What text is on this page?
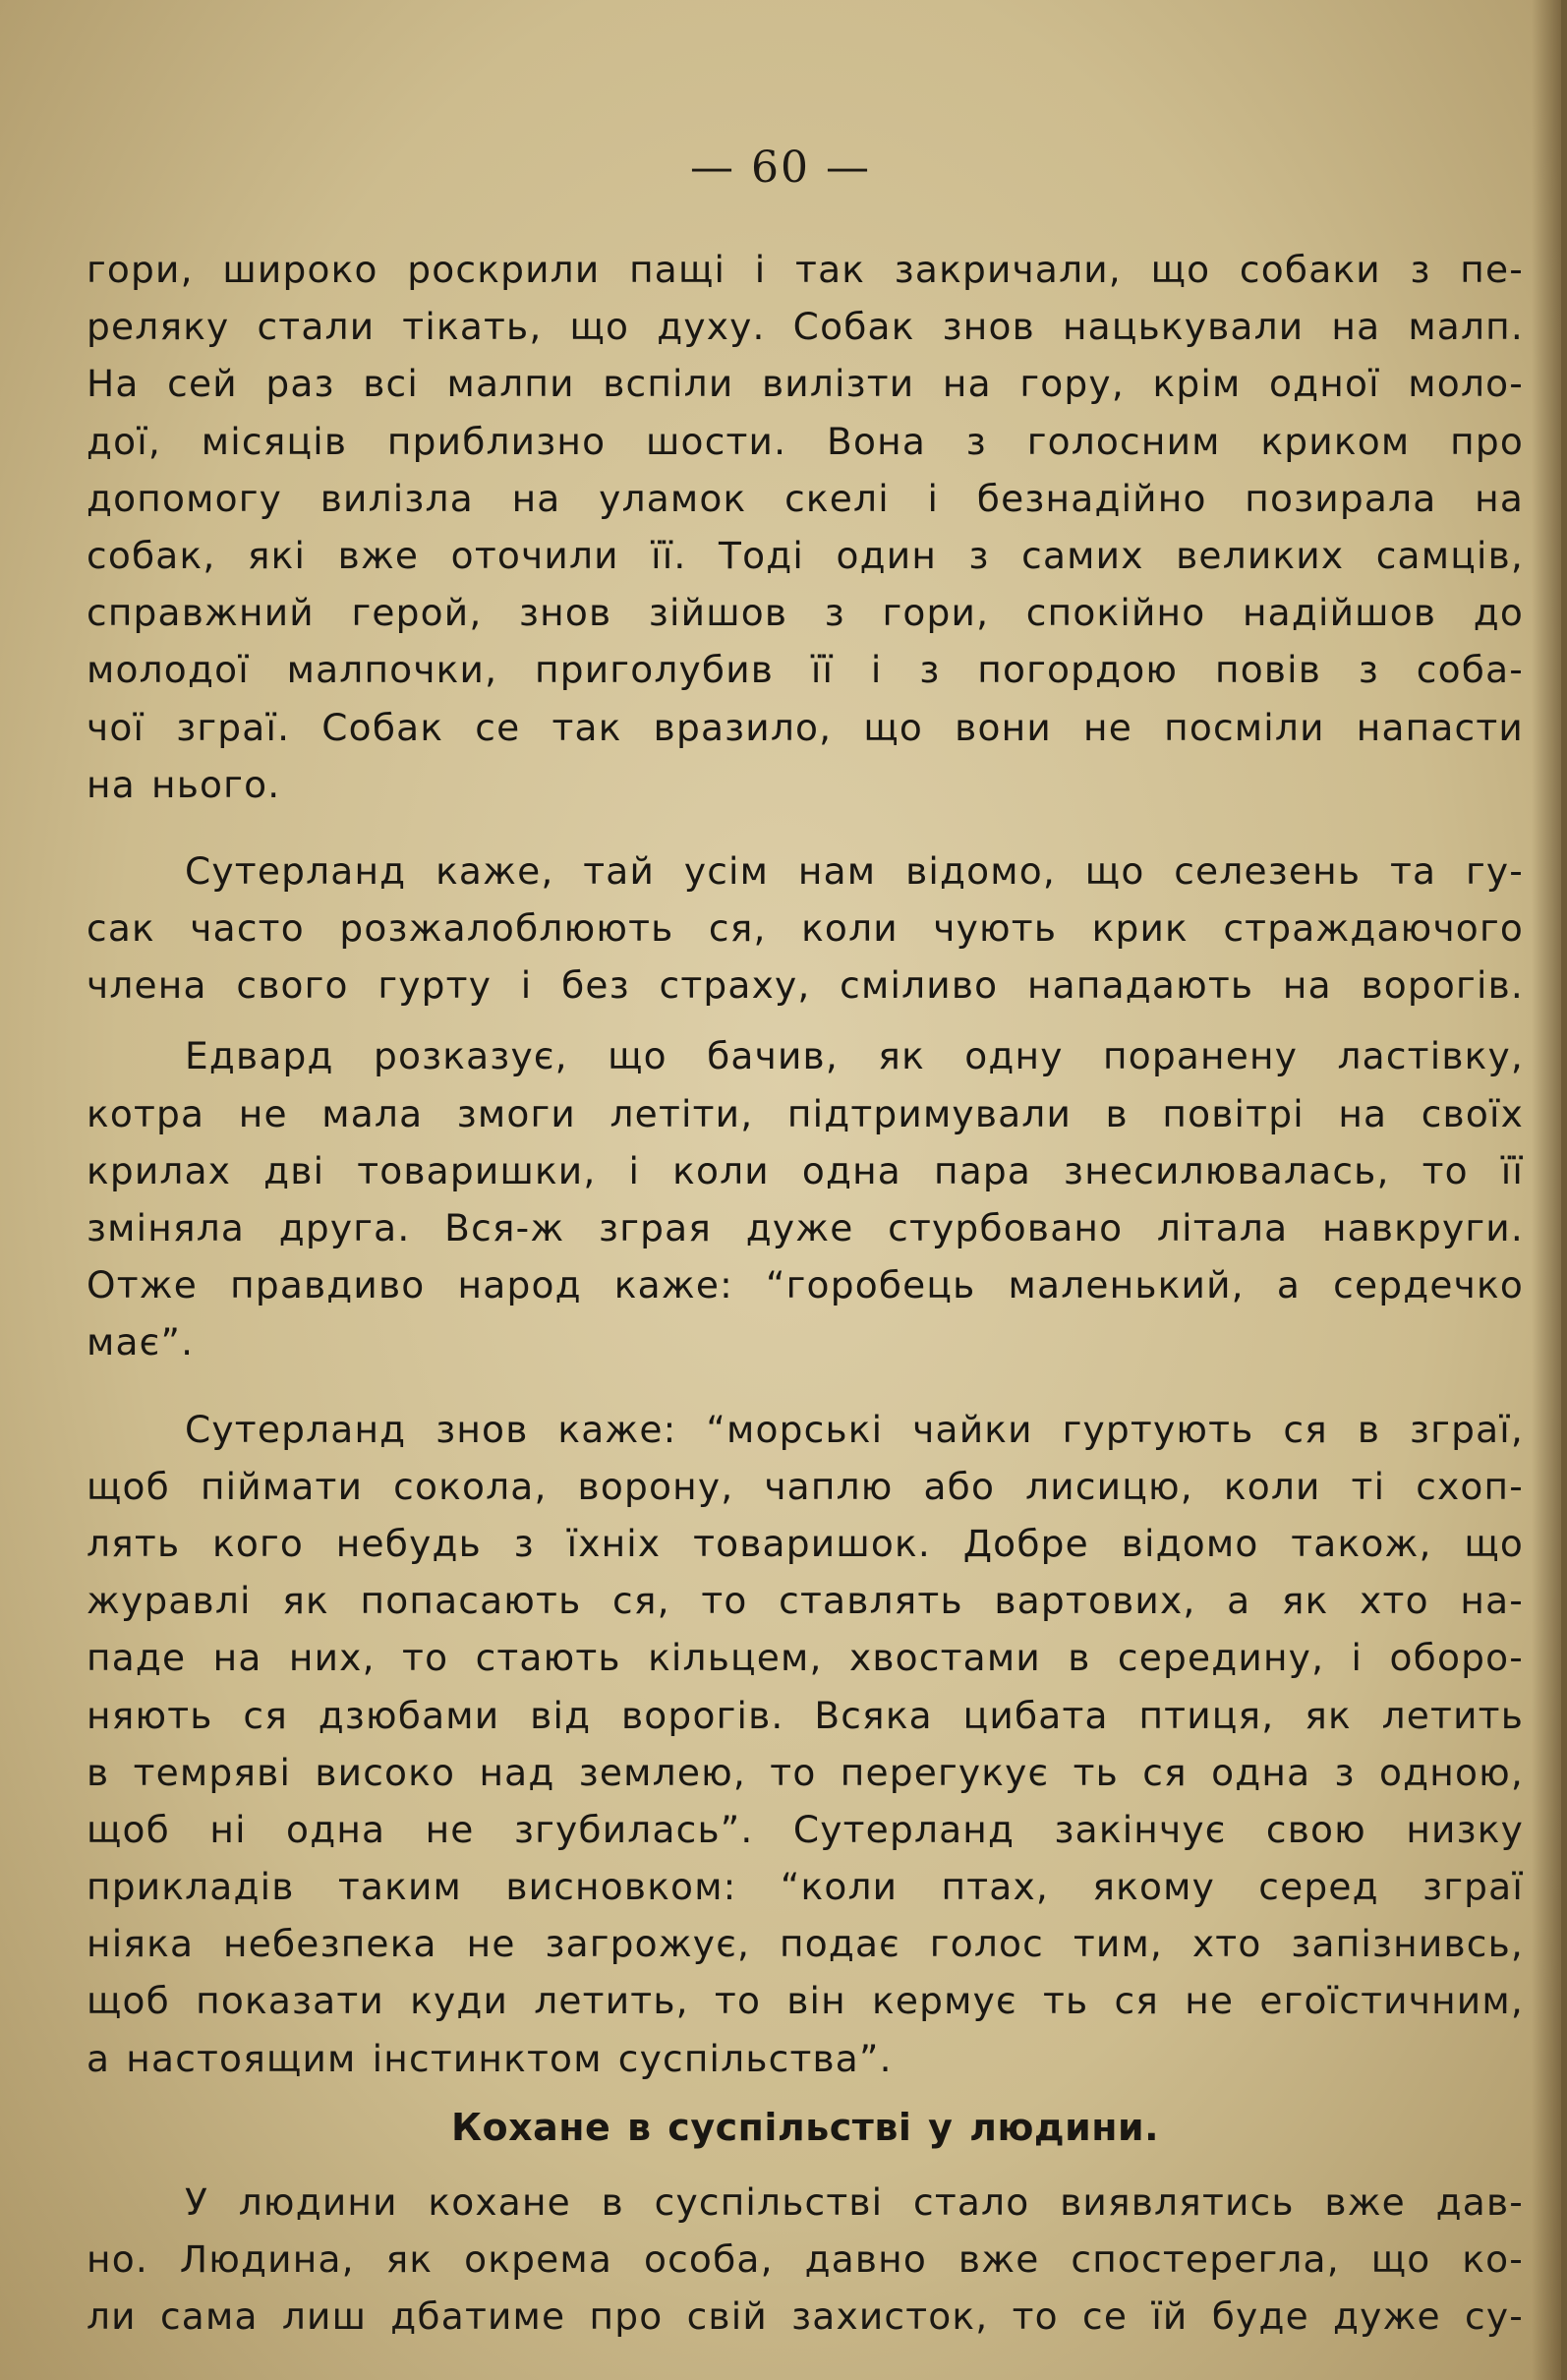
— 60 —
гори, широко роскрили пащі і так закричали, що собаки з пе-
реляку стали тікать, що духу. Собак знов нацькували на малп.
На сей раз всі малпи вспіли вилізти на гору, крім одної моло-
дої, місяців приблизно шости. Вона з голосним криком про
допомогу вилізла на уламок скелі і безнадійно позирала на
собак, які вже оточили її. Тоді один з самих великих самців,
справжний герой, знов зійшов з гори, спокійно надійшов до
молодої малпочки, приголубив її і з погордою повів з соба-
чої зграї. Собак се так вразило, що вони не посміли напасти
на нього.
Сутерланд каже, тай усім нам відомо, що селезень та гу-
сак часто розжалоблюють ся, коли чують крик страждаючого
члена свого гурту і без страху, сміливо нападають на ворогів.
Едвард розказує, що бачив, як одну поранену ластівку,
котра не мала змоги летіти, підтримували в повітрі на своїх
крилах дві товаришки, і коли одна пара знесилювалась, то її
зміняла друга. Вся-ж зграя дуже стурбовано літала навкруги.
Отже правдиво народ каже: “горобець маленький, а сердечко
має”.
Сутерланд знов каже: “морські чайки гуртують ся в зграї,
щоб піймати сокола, ворону, чаплю або лисицю, коли ті схоп-
лять кого небудь з їхніх товаришок. Добре відомо також, що
журавлі як попасають ся, то ставлять вартових, а як хто на-
паде на них, то стають кільцем, хвостами в середину, і оборо-
няють ся дзюбами від ворогів. Всяка цибата птиця, як летить
в темряві високо над землею, то перегукує ть ся одна з одною,
щоб ні одна не згубилась”. Сутерланд закінчує свою низку
прикладів таким висновком: “коли птах, якому серед зграї
ніяка небезпека не загрожує, подає голос тим, хто запізнивсь,
щоб показати куди летить, то він кермує ть ся не егоїстичним,
а настоящим інстинктом суспільства”.
Кохане в суспільстві у людини.
У людини кохане в суспільстві стало виявлятись вже дав-
но. Людина, як окрема особа, давно вже спостерегла, що ко-
ли сама лиш дбатиме про свій захисток, то се їй буде дуже су-
